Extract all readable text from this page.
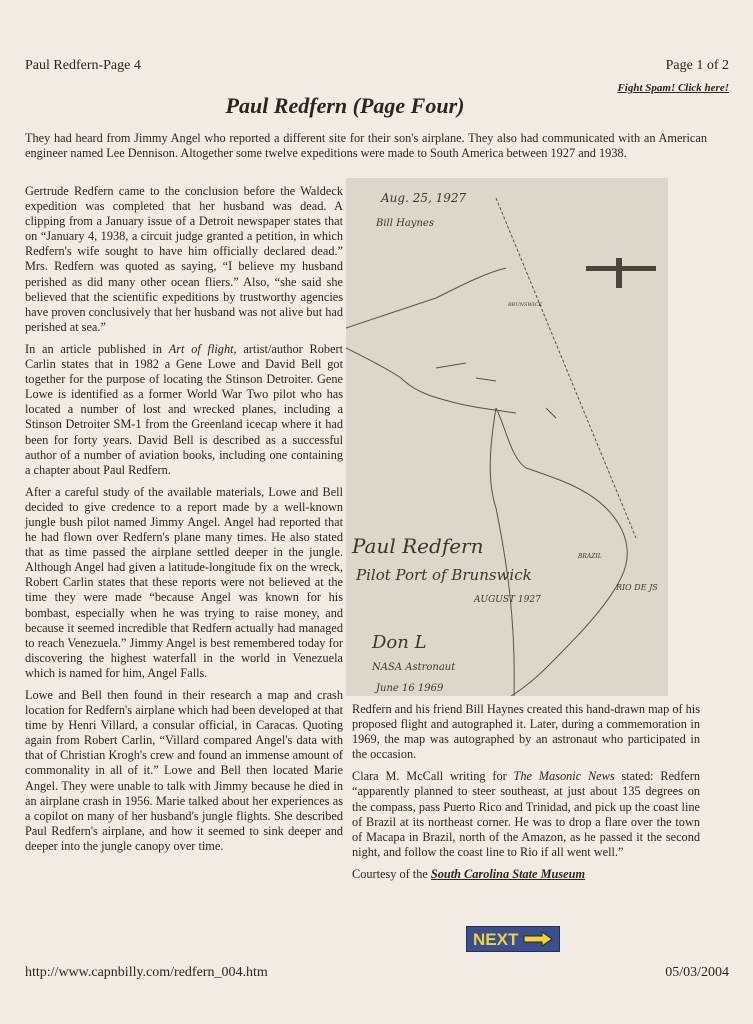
Paul Redfern-Page 4	Page 1 of 2
Fight Spam! Click here!
Paul Redfern (Page Four)

They had heard from Jimmy Angel who reported a different site for their son's airplane. They also had communicated with an American engineer named Lee Dennison. Altogether some twelve expeditions were made to South America between 1927 and 1938.

Gertrude Redfern came to the conclusion before the Waldeck expedition was completed that her husband was dead. A clipping from a January issue of a Detroit newspaper states that on “January 4, 1938, a circuit judge granted a petition, in which Redfern's wife sought to have him officially declared dead.” Mrs. Redfern was quoted as saying, “I believe my husband perished as did many other ocean fliers.” Also, “she said she believed that the scientific expeditions by trustworthy agencies have proven conclusively that her husband was not alive but had perished at sea.”

In an article published in Art of flight, artist/author Robert Carlin states that in 1982 a Gene Lowe and David Bell got together for the purpose of locating the Stinson Detroiter. Gene Lowe is identified as a former World War Two pilot who has located a number of lost and wrecked planes, including a Stinson Detroiter SM-1 from the Greenland icecap where it had been for forty years. David Bell is described as a successful author of a number of aviation books, including one containing a chapter about Paul Redfern.

After a careful study of the available materials, Lowe and Bell decided to give credence to a report made by a well-known jungle bush pilot named Jimmy Angel. Angel had reported that he had flown over Redfern's plane many times. He also stated that as time passed the airplane settled deeper in the jungle. Although Angel had given a latitude-longitude fix on the wreck, Robert Carlin states that these reports were not believed at the time they were made “because Angel was known for his bombast, especially when he was trying to raise money, and because it seemed incredible that Redfern actually had managed to reach Venezuela.” Jimmy Angel is best remembered today for discovering the highest waterfall in the world in Venezuela which is named for him, Angel Falls.

Lowe and Bell then found in their research a map and crash location for Redfern's airplane which had been developed at that time by Henri Villard, a consular official, in Caracas. Quoting again from Robert Carlin, “Villard compared Angel's data with that of Christian Krogh's crew and found an immense amount of commonality in all of it.” Lowe and Bell then located Marie Angel. They were unable to talk with Jimmy because he died in an airplane crash in 1956. Marie talked about her experiences as a copilot on many of her husband's jungle flights. She described Paul Redfern's airplane, and how it seemed to sink deeper and deeper into the jungle canopy over time.

Aug. 25, 1927
Bill Haynes
BRUNSWICK
BRAZIL
RIO DE JS
Paul Redfern
Pilot Port of Brunswick
AUGUST 1927
Don L
NASA Astronaut
June 16 1969

Redfern and his friend Bill Haynes created this hand-drawn map of his proposed flight and autographed it. Later, during a commemoration in 1969, the map was autographed by an astronaut who participated in the occasion.

Clara M. McCall writing for The Masonic News stated: Redfern “apparently planned to steer southeast, at just about 135 degrees on the compass, pass Puerto Rico and Trinidad, and pick up the coast line of Brazil at its northeast corner. He was to drop a flare over the town of Macapa in Brazil, north of the Amazon, as he passed it the second night, and follow the coast line to Rio if all went well.”

Courtesy of the South Carolina State Museum

NEXT
http://www.capnbilly.com/redfern_004.htm	05/03/2004
